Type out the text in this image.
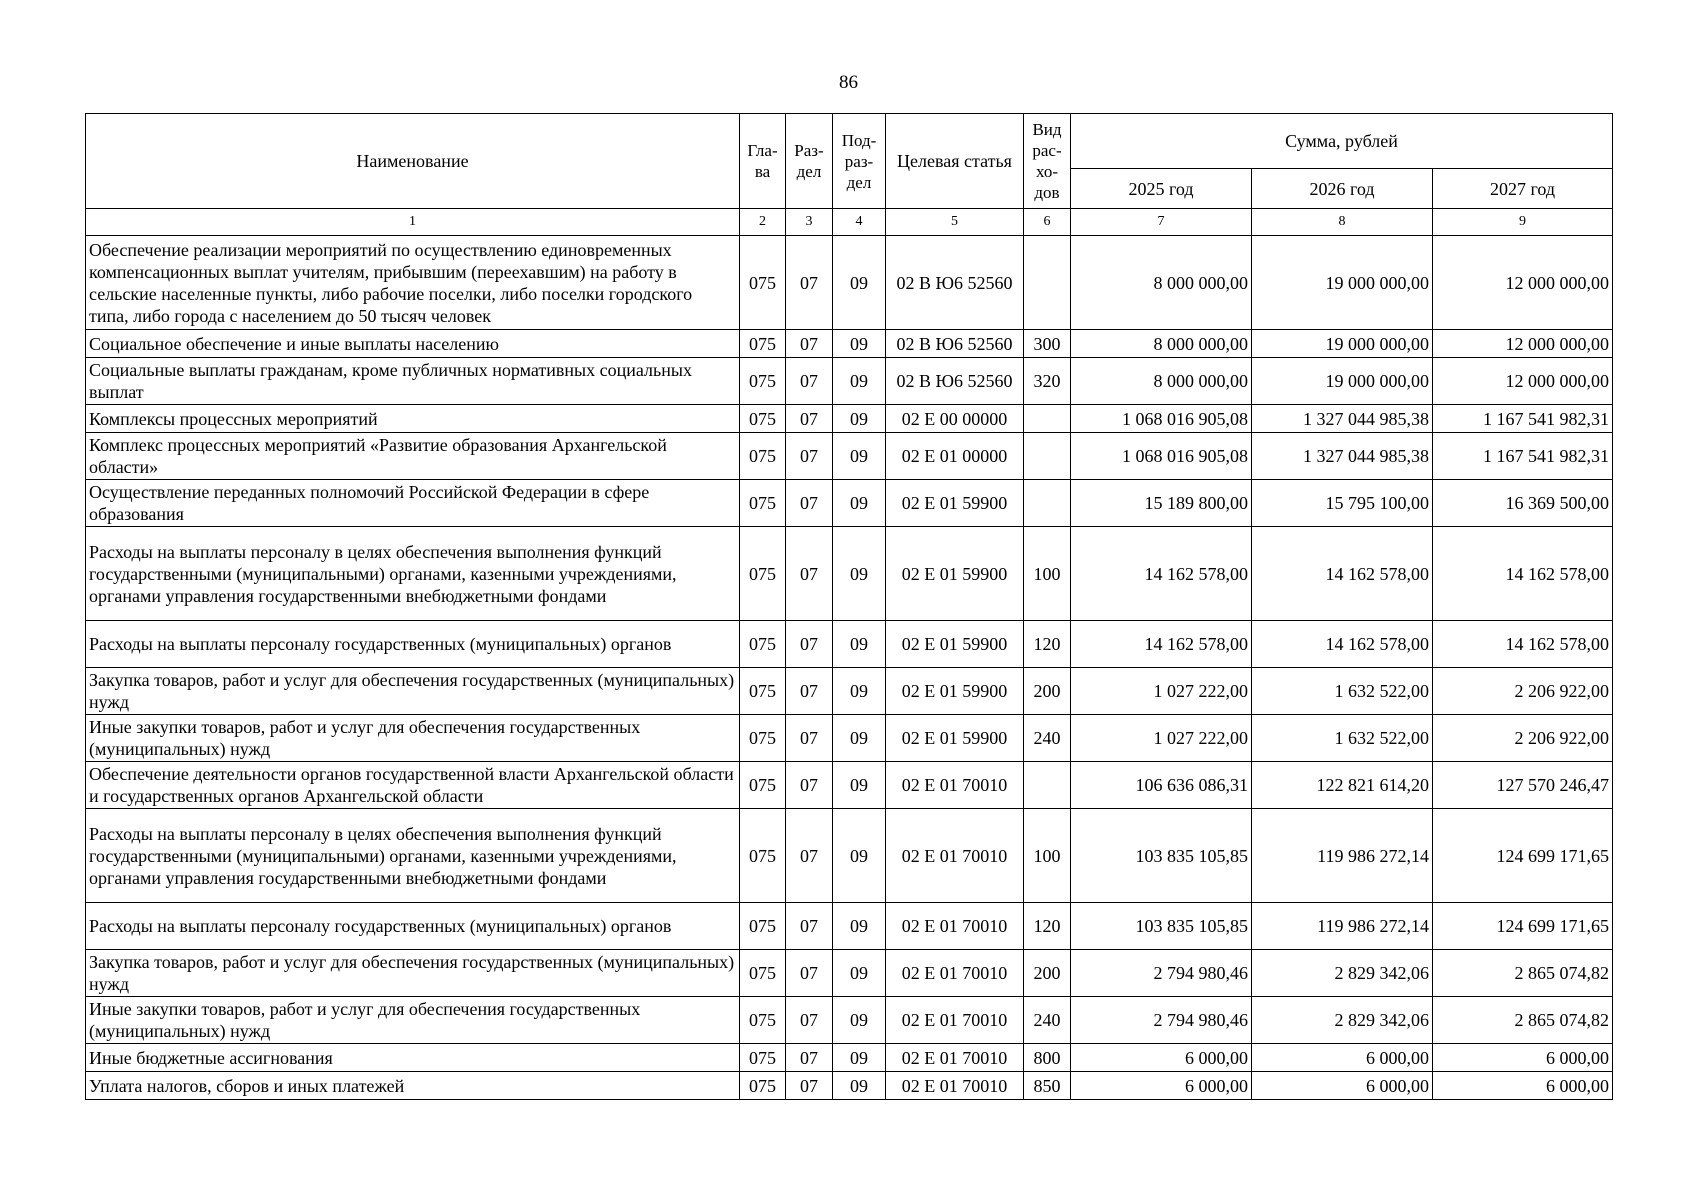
86
Наименование	Гла-ва	Раз-дел	Под-раз-дел	Целевая статья	Вид рас-хо-дов	Сумма, рублей		
						2025 год	2026 год	2027 год
1	2	3	4	5	6	7	8	9
Обеспечение реализации мероприятий по осуществлению единовременных компенсационных выплат учителям, прибывшим (переехавшим) на работу в сельские населенные пункты, либо рабочие поселки, либо поселки городского типа, либо города с населением до 50 тысяч человек	075	07	09	02 В Ю6 52560		8 000 000,00	19 000 000,00	12 000 000,00
Социальное обеспечение и иные выплаты населению	075	07	09	02 В Ю6 52560	300	8 000 000,00	19 000 000,00	12 000 000,00
Социальные выплаты гражданам, кроме публичных нормативных социальных выплат	075	07	09	02 В Ю6 52560	320	8 000 000,00	19 000 000,00	12 000 000,00
Комплексы процессных мероприятий	075	07	09	02 Е 00 00000		1 068 016 905,08	1 327 044 985,38	1 167 541 982,31
Комплекс процессных мероприятий «Развитие образования Архангельской области»	075	07	09	02 Е 01 00000		1 068 016 905,08	1 327 044 985,38	1 167 541 982,31
Осуществление переданных полномочий Российской Федерации в сфере образования	075	07	09	02 Е 01 59900		15 189 800,00	15 795 100,00	16 369 500,00
Расходы на выплаты персоналу в целях обеспечения выполнения функций государственными (муниципальными) органами, казенными учреждениями, органами управления государственными внебюджетными фондами	075	07	09	02 Е 01 59900	100	14 162 578,00	14 162 578,00	14 162 578,00
Расходы на выплаты персоналу государственных (муниципальных) органов	075	07	09	02 Е 01 59900	120	14 162 578,00	14 162 578,00	14 162 578,00
Закупка товаров, работ и услуг для обеспечения государственных (муниципальных) нужд	075	07	09	02 Е 01 59900	200	1 027 222,00	1 632 522,00	2 206 922,00
Иные закупки товаров, работ и услуг для обеспечения государственных (муниципальных) нужд	075	07	09	02 Е 01 59900	240	1 027 222,00	1 632 522,00	2 206 922,00
Обеспечение деятельности органов государственной власти Архангельской области и государственных органов Архангельской области	075	07	09	02 Е 01 70010		106 636 086,31	122 821 614,20	127 570 246,47
Расходы на выплаты персоналу в целях обеспечения выполнения функций государственными (муниципальными) органами, казенными учреждениями, органами управления государственными внебюджетными фондами	075	07	09	02 Е 01 70010	100	103 835 105,85	119 986 272,14	124 699 171,65
Расходы на выплаты персоналу государственных (муниципальных) органов	075	07	09	02 Е 01 70010	120	103 835 105,85	119 986 272,14	124 699 171,65
Закупка товаров, работ и услуг для обеспечения государственных (муниципальных) нужд	075	07	09	02 Е 01 70010	200	2 794 980,46	2 829 342,06	2 865 074,82
Иные закупки товаров, работ и услуг для обеспечения государственных (муниципальных) нужд	075	07	09	02 Е 01 70010	240	2 794 980,46	2 829 342,06	2 865 074,82
Иные бюджетные ассигнования	075	07	09	02 Е 01 70010	800	6 000,00	6 000,00	6 000,00
Уплата налогов, сборов и иных платежей	075	07	09	02 Е 01 70010	850	6 000,00	6 000,00	6 000,00
